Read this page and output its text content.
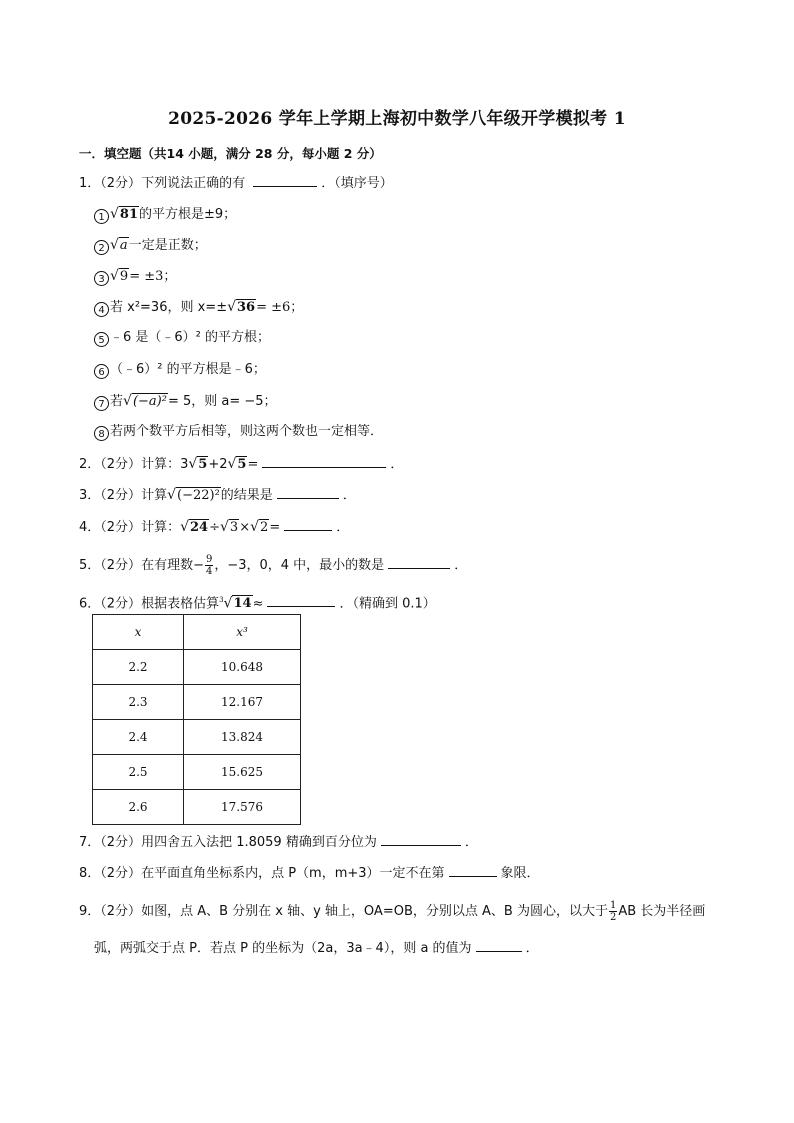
2025-2026 学年上学期上海初中数学八年级开学模拟考 1
一．填空题（共14 小题，满分 28 分，每小题 2 分）
1．（2分）下列说法正确的有	．（填序号）
1 √81的平方根是±9；
2 √a一定是正数；
3 √9= ±3；
4 若 x²=36，则 x=±√36= ±6；
5 ﹣6 是（﹣6）² 的平方根；
6 （﹣6）² 的平方根是﹣6；
7 若√(−a)²= 5，则 a= −5；
8 若两个数平方后相等，则这两个数也一定相等．
2．（2分）计算：3√5+2√5=	．
3．（2分）计算√(−22)²的结果是	．
4．（2分）计算：√24÷√3×√2=	．
5．（2分）在有理数− $\frac{9}{4}$ ，−3，0，4 中，最小的数是	．
6．（2分）根据表格估算$^3$√14≈	．（精确到 0.1）
x	x³
2.2	10.648
2.3	12.167
2.4	13.824
2.5	15.625
2.6	17.576
7．（2分）用四舍五入法把 1.8059 精确到百分位为	．
8．（2分）在平面直角坐标系内，点 P（m，m+3）一定不在第	象限．
9．（2分）如图，点 A、B 分别在 x 轴、y 轴上，OA=OB，分别以点 A、B 为圆心，以大于 $\frac{1}{2}$ AB 长为半径画
弧，两弧交于点 P．若点 P 的坐标为（2a，3a﹣4），则 a 的值为	．
